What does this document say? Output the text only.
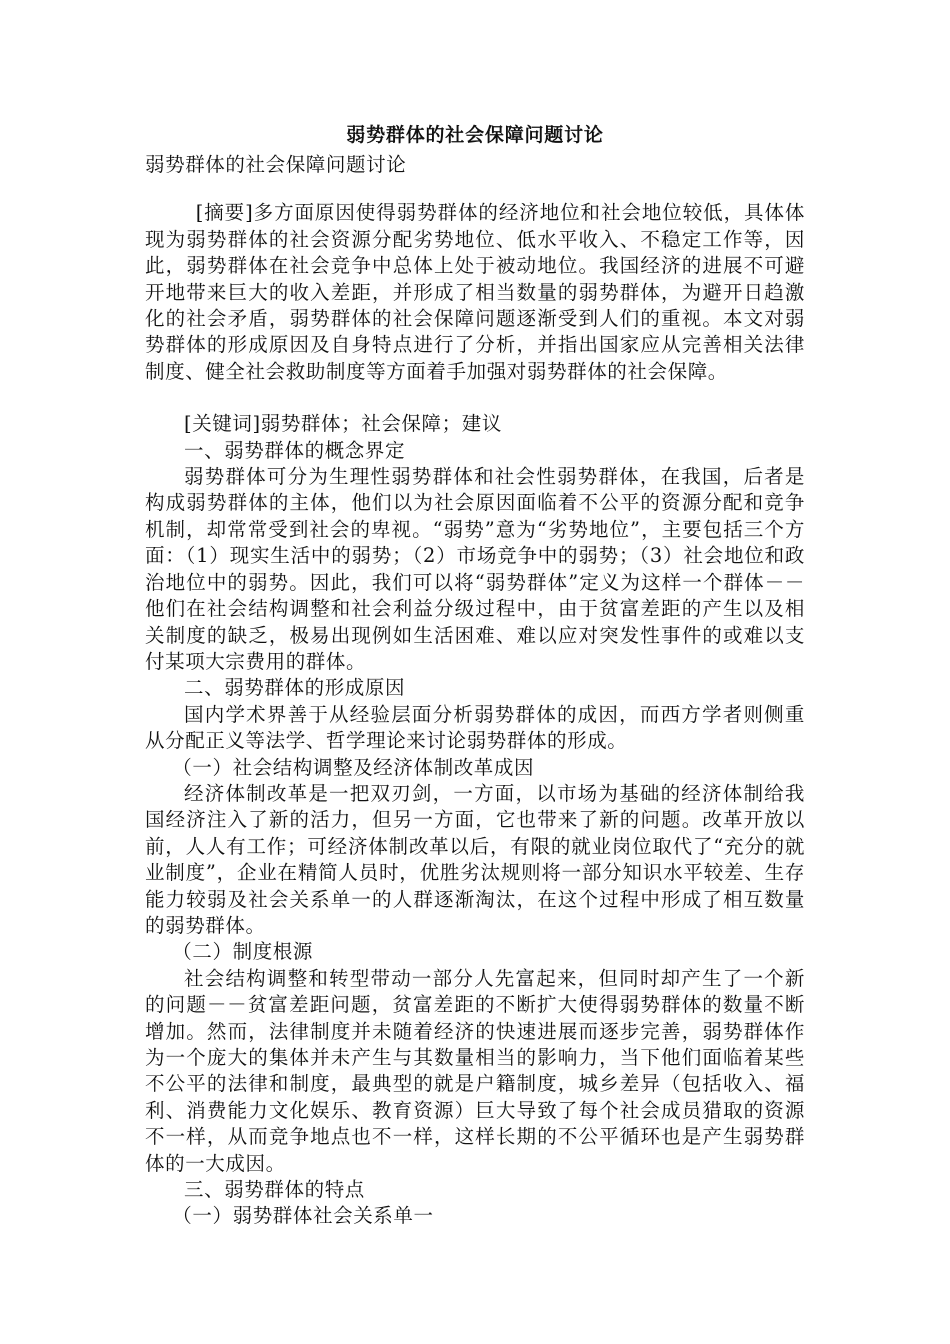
弱势群体的社会保障问题讨论

弱势群体的社会保障问题讨论

[摘要]多方面原因使得弱势群体的经济地位和社会地位较低，具体体现为弱势群体的社会资源分配劣势地位、低水平收入、不稳定工作等，因此，弱势群体在社会竞争中总体上处于被动地位。我国经济的进展不可避开地带来巨大的收入差距，并形成了相当数量的弱势群体，为避开日趋激化的社会矛盾，弱势群体的社会保障问题逐渐受到人们的重视。本文对弱势群体的形成原因及自身特点进行了分析，并指出国家应从完善相关法律制度、健全社会救助制度等方面着手加强对弱势群体的社会保障。

[关键词]弱势群体；社会保障；建议

一、弱势群体的概念界定

弱势群体可分为生理性弱势群体和社会性弱势群体，在我国，后者是构成弱势群体的主体，他们以为社会原因面临着不公平的资源分配和竞争机制，却常常受到社会的卑视。“弱势”意为“劣势地位”，主要包括三个方面：（1）现实生活中的弱势；（2）市场竞争中的弱势；（3）社会地位和政治地位中的弱势。因此，我们可以将“弱势群体”定义为这样一个群体－－他们在社会结构调整和社会利益分级过程中，由于贫富差距的产生以及相关制度的缺乏，极易出现例如生活困难、难以应对突发性事件的或难以支付某项大宗费用的群体。

二、弱势群体的形成原因

国内学术界善于从经验层面分析弱势群体的成因，而西方学者则侧重从分配正义等法学、哲学理论来讨论弱势群体的形成。

（一）社会结构调整及经济体制改革成因

经济体制改革是一把双刃剑，一方面，以市场为基础的经济体制给我国经济注入了新的活力，但另一方面，它也带来了新的问题。改革开放以前，人人有工作；可经济体制改革以后，有限的就业岗位取代了“充分的就业制度”，企业在精简人员时，优胜劣汰规则将一部分知识水平较差、生存能力较弱及社会关系单一的人群逐渐淘汰，在这个过程中形成了相互数量的弱势群体。

（二）制度根源

社会结构调整和转型带动一部分人先富起来，但同时却产生了一个新的问题－－贫富差距问题，贫富差距的不断扩大使得弱势群体的数量不断增加。然而，法律制度并未随着经济的快速进展而逐步完善，弱势群体作为一个庞大的集体并未产生与其数量相当的影响力，当下他们面临着某些不公平的法律和制度，最典型的就是户籍制度，城乡差异（包括收入、福利、消费能力文化娱乐、教育资源）巨大导致了每个社会成员猎取的资源不一样，从而竞争地点也不一样，这样长期的不公平循环也是产生弱势群体的一大成因。

三、弱势群体的特点

（一）弱势群体社会关系单一
